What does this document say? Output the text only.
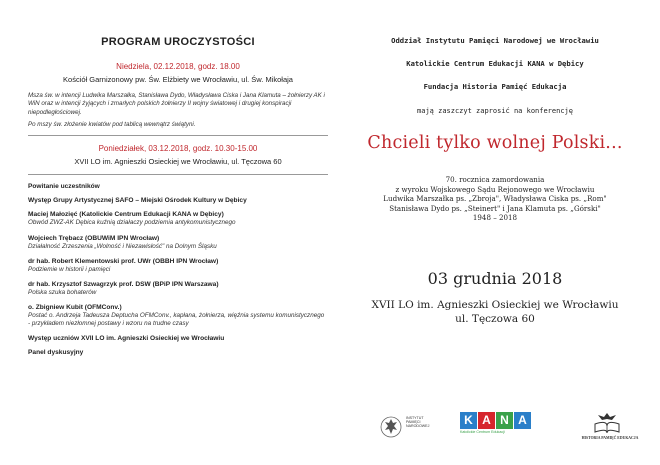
PROGRAM UROCZYSTOŚCI
Niedziela, 02.12.2018, godz. 18.00
Kościół Garnizonowy pw. Św. Elżbiety we Wrocławiu, ul. Św. Mikołaja
Msza św. w intencji Ludwika Marszałka, Stanisława Dydo, Władysława Ciska i Jana Klamuta – żołnierzy AK i WiN oraz w intencji żyjących i zmarłych polskich żołnierzy II wojny światowej i drugiej konspiracji niepodległościowej.
Po mszy św. złożenie kwiatów pod tablicą wewnątrz świątyni.
Poniedziałek, 03.12.2018, godz. 10.30-15.00
XVII LO im. Agnieszki Osieckiej we Wrocławiu, ul. Tęczowa 60
Powitanie uczestników
Występ Grupy Artystycznej SAFO – Miejski Ośrodek Kultury w Dębicy
Maciej Małozięć (Katolickie Centrum Edukacji KANA w Dębicy)
Obwód ZWZ-AK Dębica kuźnią działaczy podziemia antykomunistycznego
Wojciech Trębacz (OBUWiM IPN Wrocław)
Działalność Zrzeszenia „Wolność i Niezawisłość" na Dolnym Śląsku
dr hab. Robert Klementowski prof. UWr (OBBH IPN Wrocław)
Podziemie w historii i pamięci
dr hab. Krzysztof Szwagrzyk prof. DSW (BPiP IPN Warszawa)
Polska szuka bohaterów
o. Zbigniew Kubit (OFMConv.)
Postać o. Andrzeja Tadeusza Deptucha OFMConv., kapłana, żołnierza, więźnia systemu komunistycznego - przykładem niezłomnej postawy i wzoru na trudne czasy
Występ uczniów XVII LO im. Agnieszki Osieckiej we Wrocławiu
Panel dyskusyjny
Oddział Instytutu Pamięci Narodowej we Wrocławiu
Katolickie Centrum Edukacji KANA w Dębicy
Fundacja Historia Pamięć Edukacja
mają zaszczyt zaprosić na konferencję
Chcieli tylko wolnej Polski...
70. rocznica zamordowania
z wyroku Wojskowego Sądu Rejonowego we Wrocławiu
Ludwika Marszałka ps. „Zbroja", Władysława Ciska ps. „Rom"
Stanisława Dydo ps. „Steinert" i Jana Klamuta ps. „Górski"
1948 – 2018
03 grudnia 2018
XVII LO im. Agnieszki Osieckiej we Wrocławiu
ul. Tęczowa 60
INSTYTUT
PAMIĘCI
NARODOWEJ	K A N A
Katolickie Centrum Edukacji
HISTORIA PAMIĘĆ EDUKACJA
